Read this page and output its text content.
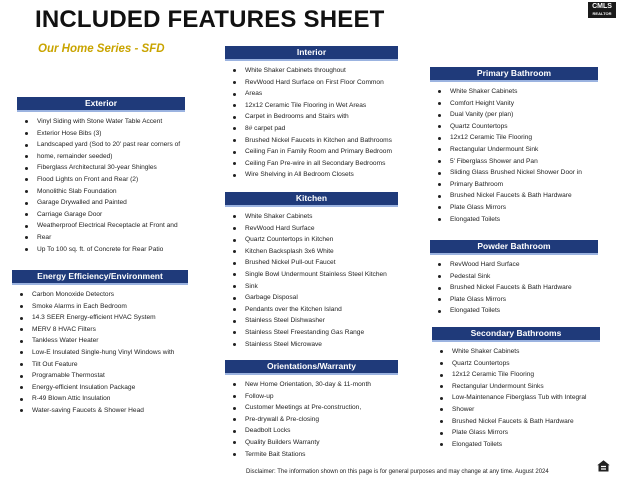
INCLUDED FEATURES SHEET
Our Home Series - SFD
CMLS
REALTOR
Exterior
Vinyl Siding with Stone Water Table Accent
Exterior Hose Bibs (3)
Landscaped yard (Sod to 20' past rear corners of
home, remainder seeded)
Fiberglass Architectural 30-year Shingles
Flood Lights on Front and Rear (2)
Monolithic Slab Foundation
Garage Drywalled and Painted
Carriage Garage Door
Weatherproof Electrical Receptacle at Front and
Rear
Up To 100 sq. ft. of Concrete for Rear Patio
Energy Efficiency/Environment
Carbon Monoxide Detectors
Smoke Alarms in Each Bedroom
14.3 SEER Energy-efficient HVAC System
MERV 8 HVAC Filters
Tankless Water Heater
Low-E Insulated Single-hung Vinyl Windows with
Tilt Out Feature
Programable Thermostat
Energy-efficient Insulation Package
R-49 Blown Attic Insulation
Water-saving Faucets & Shower Head
Interior
White Shaker Cabinets throughout
RevWood Hard Surface on First Floor Common
Areas
12x12 Ceramic Tile Flooring in Wet Areas
Carpet in Bedrooms and Stairs with
8# carpet pad
Brushed Nickel Faucets in Kitchen and Bathrooms
Ceiling Fan in Family Room and Primary Bedroom
Ceiling Fan Pre-wire in all Secondary Bedrooms
Wire Shelving in All Bedroom Closets
Kitchen
White Shaker Cabinets
RevWood Hard Surface
Quartz Countertops in Kitchen
Kitchen Backsplash 3x6 White
Brushed Nickel Pull-out Faucet
Single Bowl Undermount Stainless Steel Kitchen
Sink
Garbage Disposal
Pendants over the Kitchen Island
Stainless Steel Dishwasher
Stainless Steel Freestanding Gas Range
Stainless Steel Microwave
Orientations/Warranty
New Home Orientation, 30-day & 11-month
Follow-up
Customer Meetings at Pre-construction,
Pre-drywall & Pre-closing
Deadbolt Locks
Quality Builders Warranty
Termite Bait Stations
Primary Bathroom
White Shaker Cabinets
Comfort Height Vanity
Dual Vanity (per plan)
Quartz Countertops
12x12 Ceramic Tile Flooring
Rectangular Undermount Sink
5' Fiberglass Shower and Pan
Sliding Glass Brushed Nickel Shower Door in
Primary Bathroom
Brushed Nickel Faucets & Bath Hardware
Plate Glass Mirrors
Elongated Toilets
Powder Bathroom
RevWood Hard Surface
Pedestal Sink
Brushed Nickel Faucets & Bath Hardware
Plate Glass Mirrors
Elongated Toilets
Secondary Bathrooms
White Shaker Cabinets
Quartz Countertops
12x12 Ceramic Tile Flooring
Rectangular Undermount Sinks
Low-Maintenance Fiberglass Tub with Integral
Shower
Brushed Nickel Faucets & Bath Hardware
Plate Glass Mirrors
Elongated Toilets
Disclaimer: The information shown on this page is for general purposes and may change at any time. August 2024
